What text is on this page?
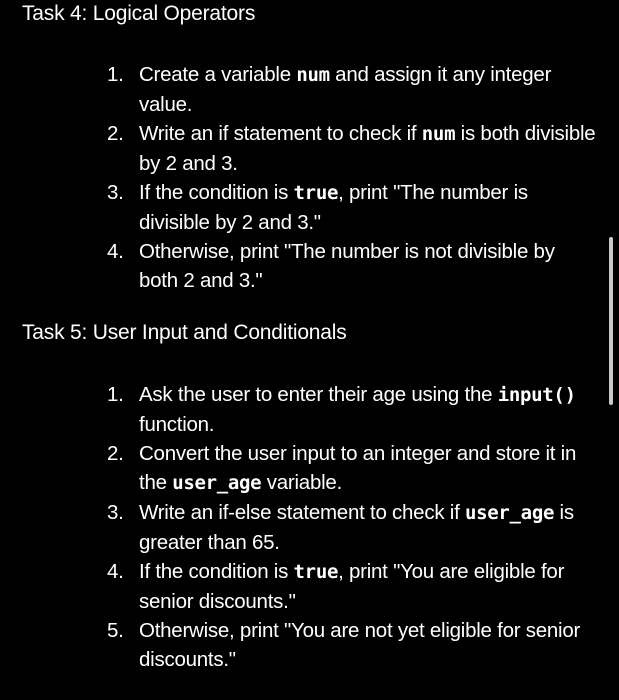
Task 4: Logical Operators
1. Create a variable num and assign it any integer value.
2. Write an if statement to check if num is both divisible by 2 and 3.
3. If the condition is true, print "The number is divisible by 2 and 3."
4. Otherwise, print "The number is not divisible by both 2 and 3."
Task 5: User Input and Conditionals
1. Ask the user to enter their age using the input() function.
2. Convert the user input to an integer and store it in the user_age variable.
3. Write an if-else statement to check if user_age is greater than 65.
4. If the condition is true, print "You are eligible for senior discounts."
5. Otherwise, print "You are not yet eligible for senior discounts."
